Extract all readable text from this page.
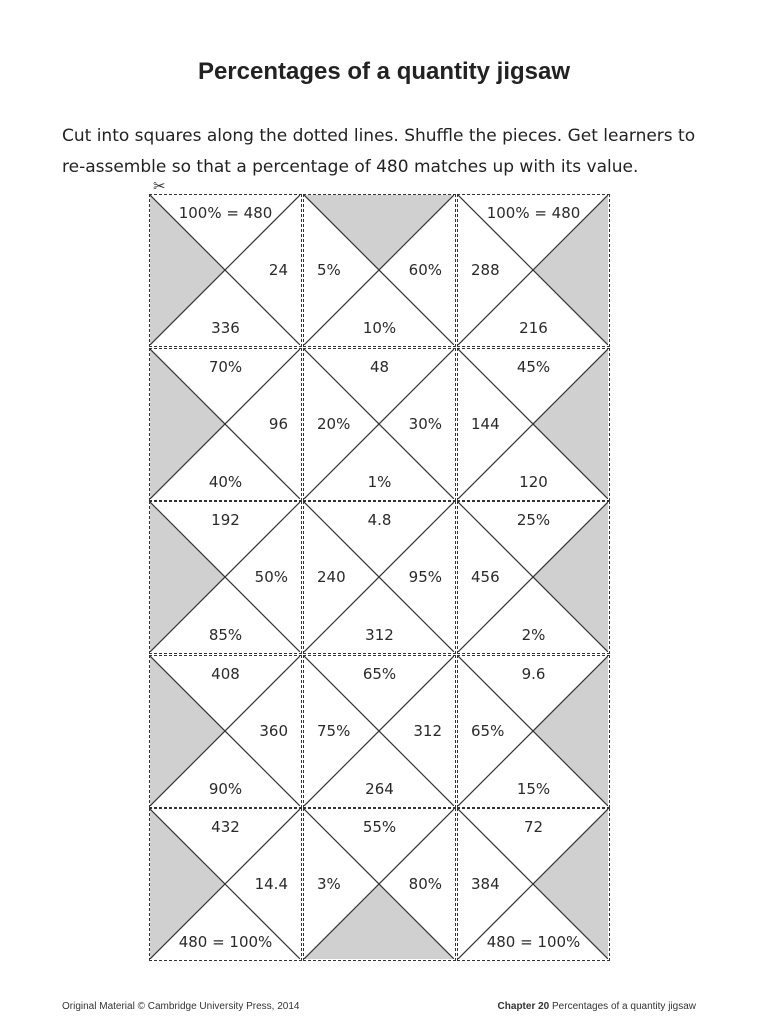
Percentages of a quantity jigsaw
Cut into squares along the dotted lines. Shuffle the pieces. Get learners to
re-assemble so that a percentage of 480 matches up with its value.
✂
100% = 480
24
336
60%
10%
5%
100% = 480
216
288
70%
96
40%
48
30%
1%
20%
45%
120
144
192
50%
85%
4.8
95%
312
240
25%
2%
456
408
360
90%
65%
312
264
75%
9.6
15%
65%
432
14.4
480 = 100%
55%
80%
3%
72
480 = 100%
384
Original Material © Cambridge University Press, 2014	Chapter 20 Percentages of a quantity jigsaw
